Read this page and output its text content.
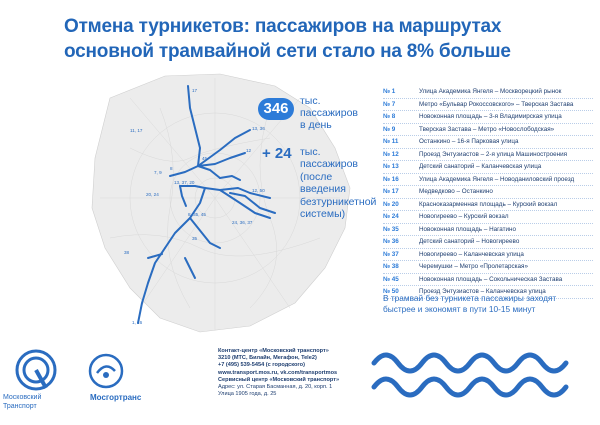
Отмена турникетов: пассажиров на маршрутах основной трамвайной сети стало на 8% больше
17
11, 17	13, 36
12
45
7, 9
8
13, 37, 20
20, 24
12, 50
24, 36, 37
8, 35, 45
38
35
1, 16
346	тыс.
пассажиров
в день
+ 24 тыс.
пассажиров
(после введения
безтурникетной
системы)
№ 1	Улица Академика Янгеля – Москворецкий рынок
№ 7	Метро «Бульвар Рокоссовского» – Тверская Застава
№ 8	Новоконная площадь – 3-я Владимирская улица
№ 9	Тверская Застава – Метро «Новослободская»
№ 11	Останкино – 16-я Парковая улица
№ 12	Проезд Энтузиастов – 2-я улица Машиностроения
№ 13	Детский санаторий – Каланчевская улица
№ 16	Улица Академика Янгеля – Новоданиловский проезд
№ 17	Медведково – Останкино
№ 20	Красноказарменная площадь – Курский вокзал
№ 24	Новогиреево – Курский вокзал
№ 35	Новоконная площадь – Нагатино
№ 36	Детский санаторий – Новогиреево
№ 37	Новогиреево – Каланчевская улица
№ 38	Черемушки – Метро «Пролетарская»
№ 45	Новоконная площадь – Сокольническая Застава
№ 50	Проезд Энтузиастов – Каланчевская улица
В трамвай без турникета пассажиры заходят быстрее и экономят в пути 10-15 минут
Московский
Транспорт
Мосгортранс
Контакт-центр «Московский транспорт»
3210 (МТС, Билайн, Мегафон, Tele2)
+7 (495) 539-5454 (с городского)
www.transport.mos.ru, vk.com/transportmos
Сервисный центр «Московский транспорт»
Адрес: ул. Старая Басманная, д. 20, корп. 1
Улица 1905 года, д. 25
